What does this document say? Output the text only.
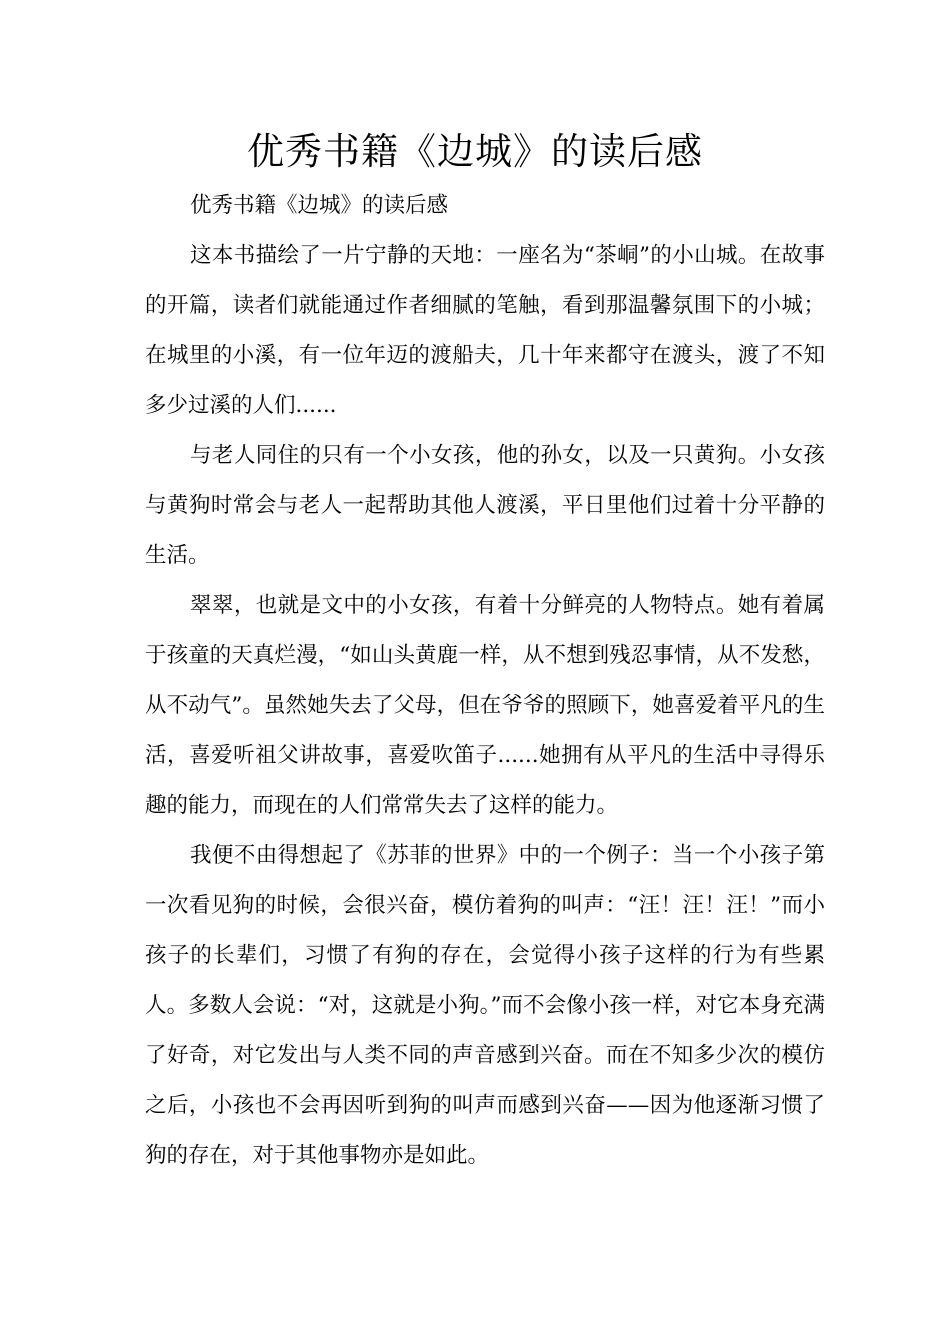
优秀书籍《边城》的读后感

优秀书籍《边城》的读后感

这本书描绘了一片宁静的天地：一座名为“茶峒”的小山城。在故事的开篇，读者们就能通过作者细腻的笔触，看到那温馨氛围下的小城；在城里的小溪，有一位年迈的渡船夫，几十年来都守在渡头，渡了不知多少过溪的人们......

与老人同住的只有一个小女孩，他的孙女，以及一只黄狗。小女孩与黄狗时常会与老人一起帮助其他人渡溪，平日里他们过着十分平静的生活。

翠翠，也就是文中的小女孩，有着十分鲜亮的人物特点。她有着属于孩童的天真烂漫，“如山头黄鹿一样，从不想到残忍事情，从不发愁，从不动气”。虽然她失去了父母，但在爷爷的照顾下，她喜爱着平凡的生活，喜爱听祖父讲故事，喜爱吹笛子......她拥有从平凡的生活中寻得乐趣的能力，而现在的人们常常失去了这样的能力。

我便不由得想起了《苏菲的世界》中的一个例子：当一个小孩子第一次看见狗的时候，会很兴奋，模仿着狗的叫声：“汪！汪！汪！”而小孩子的长辈们，习惯了有狗的存在，会觉得小孩子这样的行为有些累人。多数人会说：“对，这就是小狗。”而不会像小孩一样，对它本身充满了好奇，对它发出与人类不同的声音感到兴奋。而在不知多少次的模仿之后，小孩也不会再因听到狗的叫声而感到兴奋——因为他逐渐习惯了狗的存在，对于其他事物亦是如此。
